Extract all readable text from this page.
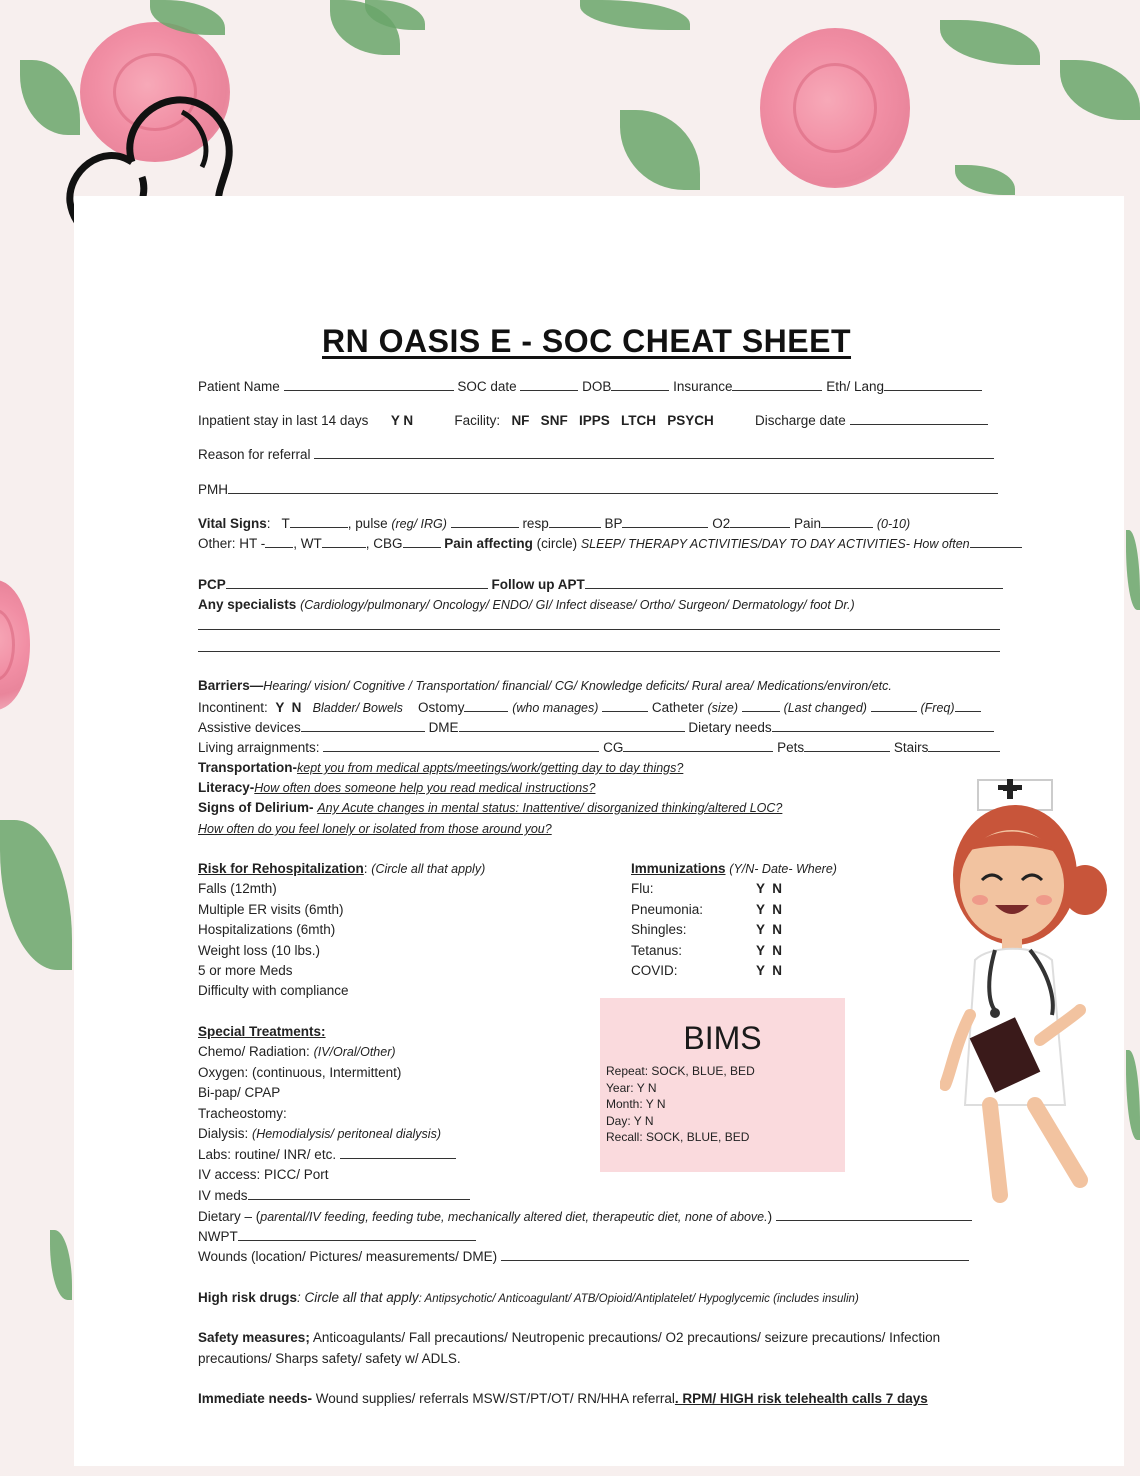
RN OASIS E - SOC CHEAT SHEET
Patient Name	SOC date	DOB	Insurance	Eth/ Lang
Inpatient stay in last 14 days Y N	Facility: NF   SNF   IPPS   LTCH   PSYCH	Discharge date
Reason for referral
PMH
Vital Signs:   T	, pulse (reg/ IRG)	resp	BP	O2	Pain	(0-10)
Other: HT - , WT	, CBG	Pain affecting (circle) SLEEP/ THERAPY ACTIVITIES/DAY TO DAY ACTIVITIES- How often
PCP	Follow up APT
Any specialists (Cardiology/pulmonary/ Oncology/ ENDO/ GI/ Infect disease/ Ortho/ Surgeon/ Dermatology/ foot Dr.)
Barriers—Hearing/ vision/ Cognitive / Transportation/ financial/ CG/ Knowledge deficits/ Rural area/ Medications/environ/etc.
Incontinent: Y  N Bladder/ Bowels Ostomy	(who manages)	Catheter (size)	(Last changed)	(Freq)
Assistive devices	DME	Dietary needs
Living arraignments:	CG	Pets	Stairs
Transportation-kept you from medical appts/meetings/work/getting day to day things?
Literacy-How often does someone help you read medical instructions?
Signs of Delirium- Any Acute changes in mental status: Inattentive/ disorganized thinking/altered LOC?
How often do you feel lonely or isolated from those around you?
Risk for Rehospitalization: (Circle all that apply)
Falls (12mth)
Multiple ER visits (6mth)
Hospitalizations (6mth)
Weight loss (10 lbs.)
5 or more Meds
Difficulty with compliance
Immunizations (Y/N- Date- Where)
Flu:	Y  N
Pneumonia:	Y  N
Shingles:	Y  N
Tetanus:	Y  N
COVID:	Y  N
Special Treatments:
Chemo/ Radiation: (IV/Oral/Other)
Oxygen: (continuous, Intermittent)
Bi-pap/ CPAP
Tracheostomy:
Dialysis: (Hemodialysis/ peritoneal dialysis)
Labs: routine/ INR/ etc.
IV access: PICC/ Port
IV meds
Dietary – (parental/IV feeding, feeding tube, mechanically altered diet, therapeutic diet, none of above.)
NWPT
Wounds (location/ Pictures/ measurements/ DME)
BIMS
Repeat: SOCK, BLUE, BED
Year: Y N
Month: Y N
Day: Y N
Recall: SOCK, BLUE, BED
High risk drugs: Circle all that apply: Antipsychotic/ Anticoagulant/ ATB/Opioid/Antiplatelet/ Hypoglycemic (includes insulin)
Safety measures; Anticoagulants/ Fall precautions/ Neutropenic precautions/ O2 precautions/ seizure precautions/ Infection
precautions/ Sharps safety/ safety w/ ADLS.
Immediate needs- Wound supplies/ referrals MSW/ST/PT/OT/ RN/HHA referral. RPM/ HIGH risk telehealth calls 7 days
